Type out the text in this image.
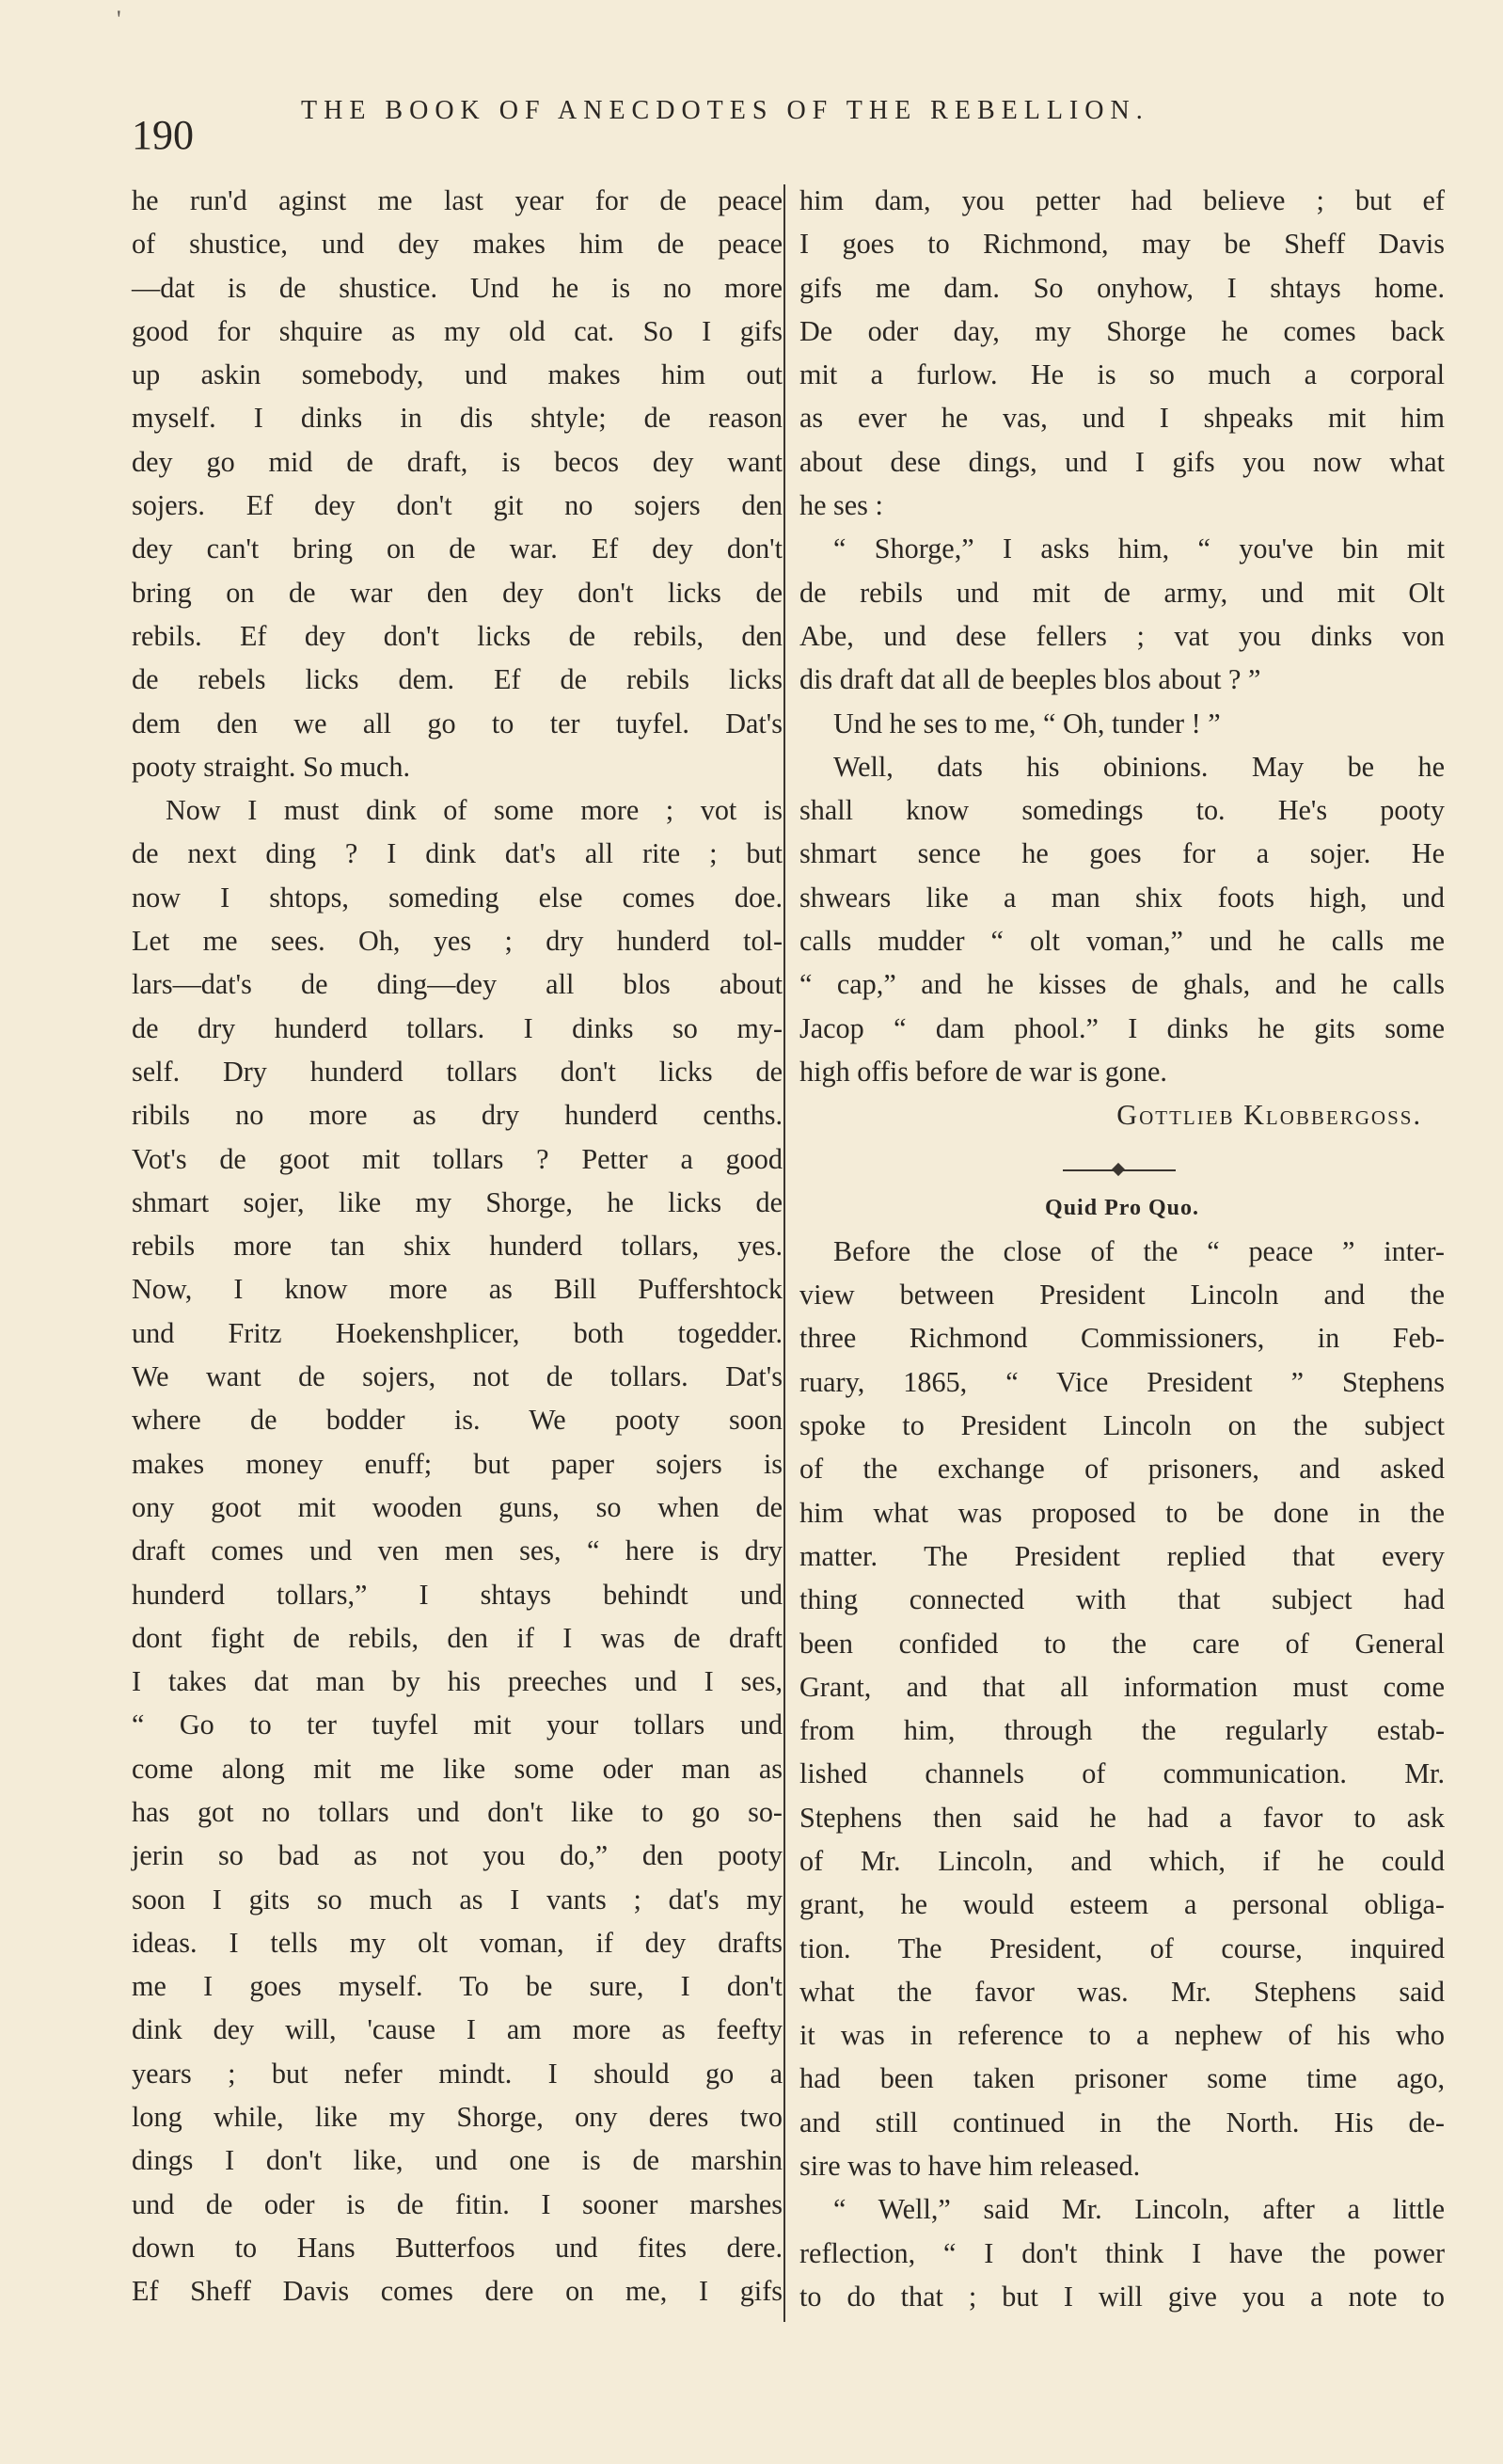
'
190
THE BOOK OF ANECDOTES OF THE REBELLION.

he run'd aginst me last year for de peace

of shustice, und dey makes him de peace

—dat is de shustice. Und he is no more

good for shquire as my old cat. So I gifs

up askin somebody, und makes him out

myself. I dinks in dis shtyle; de reason

dey go mid de draft, is becos dey want

sojers. Ef dey don't git no sojers den

dey can't bring on de war. Ef dey don't

bring on de war den dey don't licks de

rebils. Ef dey don't licks de rebils, den

de rebels licks dem. Ef de rebils licks

dem den we all go to ter tuyfel. Dat's

pooty straight. So much.

Now I must dink of some more ; vot is

de next ding ? I dink dat's all rite ; but

now I shtops, someding else comes doe.

Let me sees. Oh, yes ; dry hunderd tol-

lars—dat's de ding—dey all blos about

de dry hunderd tollars. I dinks so my-

self. Dry hunderd tollars don't licks de

ribils no more as dry hunderd cenths.

Vot's de goot mit tollars ? Petter a good

shmart sojer, like my Shorge, he licks de

rebils more tan shix hunderd tollars, yes.

Now, I know more as Bill Puffershtock

und Fritz Hoekenshplicer, both togedder.

We want de sojers, not de tollars. Dat's

where de bodder is. We pooty soon

makes money enuff; but paper sojers is

ony goot mit wooden guns, so when de

draft comes und ven men ses, “ here is dry

hunderd tollars,” I shtays behindt und

dont fight de rebils, den if I was de draft

I takes dat man by his preeches und I ses,

“ Go to ter tuyfel mit your tollars und

come along mit me like some oder man as

has got no tollars und don't like to go so-

jerin so bad as not you do,” den pooty

soon I gits so much as I vants ; dat's my

ideas. I tells my olt voman, if dey drafts

me I goes myself. To be sure, I don't

dink dey will, 'cause I am more as feefty

years ; but nefer mindt. I should go a

long while, like my Shorge, ony deres two

dings I don't like, und one is de marshin

und de oder is de fitin. I sooner marshes

down to Hans Butterfoos und fites dere.

Ef Sheff Davis comes dere on me, I gifs

him dam, you petter had believe ; but ef

I goes to Richmond, may be Sheff Davis

gifs me dam. So onyhow, I shtays home.

De oder day, my Shorge he comes back

mit a furlow. He is so much a corporal

as ever he vas, und I shpeaks mit him

about dese dings, und I gifs you now what

he ses :

“ Shorge,” I asks him, “ you've bin mit

de rebils und mit de army, und mit Olt

Abe, und dese fellers ; vat you dinks von

dis draft dat all de beeples blos about ? ”

Und he ses to me, “ Oh, tunder ! ”

Well, dats his obinions. May be he

shall know somedings to. He's pooty

shmart sence he goes for a sojer. He

shwears like a man shix foots high, und

calls mudder “ olt voman,” und he calls me

“ cap,” and he kisses de ghals, and he calls

Jacop “ dam phool.” I dinks he gits some

high offis before de war is gone.

Gottlieb Klobbergoss.

Quid Pro Quo.

Before the close of the “ peace ” inter-

view between President Lincoln and the

three Richmond Commissioners, in Feb-

ruary, 1865, “ Vice President ” Stephens

spoke to President Lincoln on the subject

of the exchange of prisoners, and asked

him what was proposed to be done in the

matter. The President replied that every

thing connected with that subject had

been confided to the care of General

Grant, and that all information must come

from him, through the regularly estab-

lished channels of communication. Mr.

Stephens then said he had a favor to ask

of Mr. Lincoln, and which, if he could

grant, he would esteem a personal obliga-

tion. The President, of course, inquired

what the favor was. Mr. Stephens said

it was in reference to a nephew of his who

had been taken prisoner some time ago,

and still continued in the North. His de-

sire was to have him released.

“ Well,” said Mr. Lincoln, after a little

reflection, “ I don't think I have the power

to do that ; but I will give you a note to
